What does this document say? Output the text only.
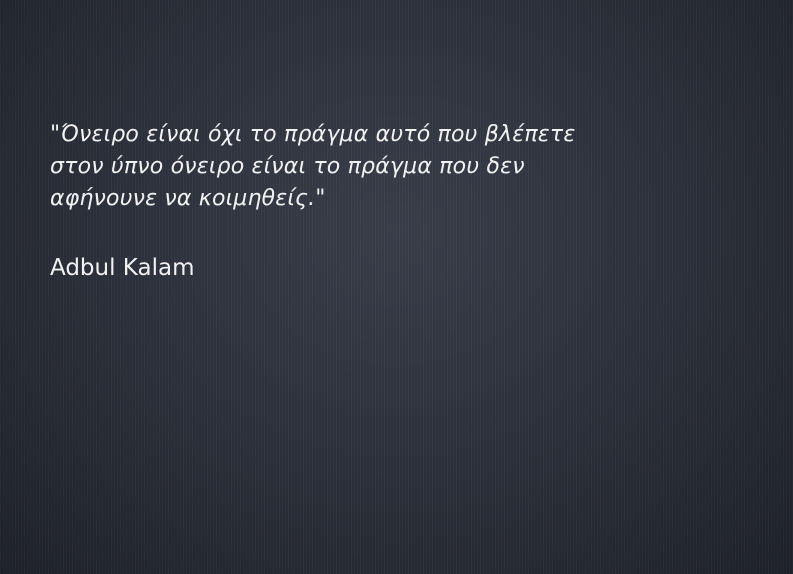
"Όνειρο είναι όχι το πράγμα αυτό που βλέπετε
στον ύπνο όνειρο είναι το πράγμα που δεν
αφήνουνε να κοιμηθείς."

Adbul Kalam
